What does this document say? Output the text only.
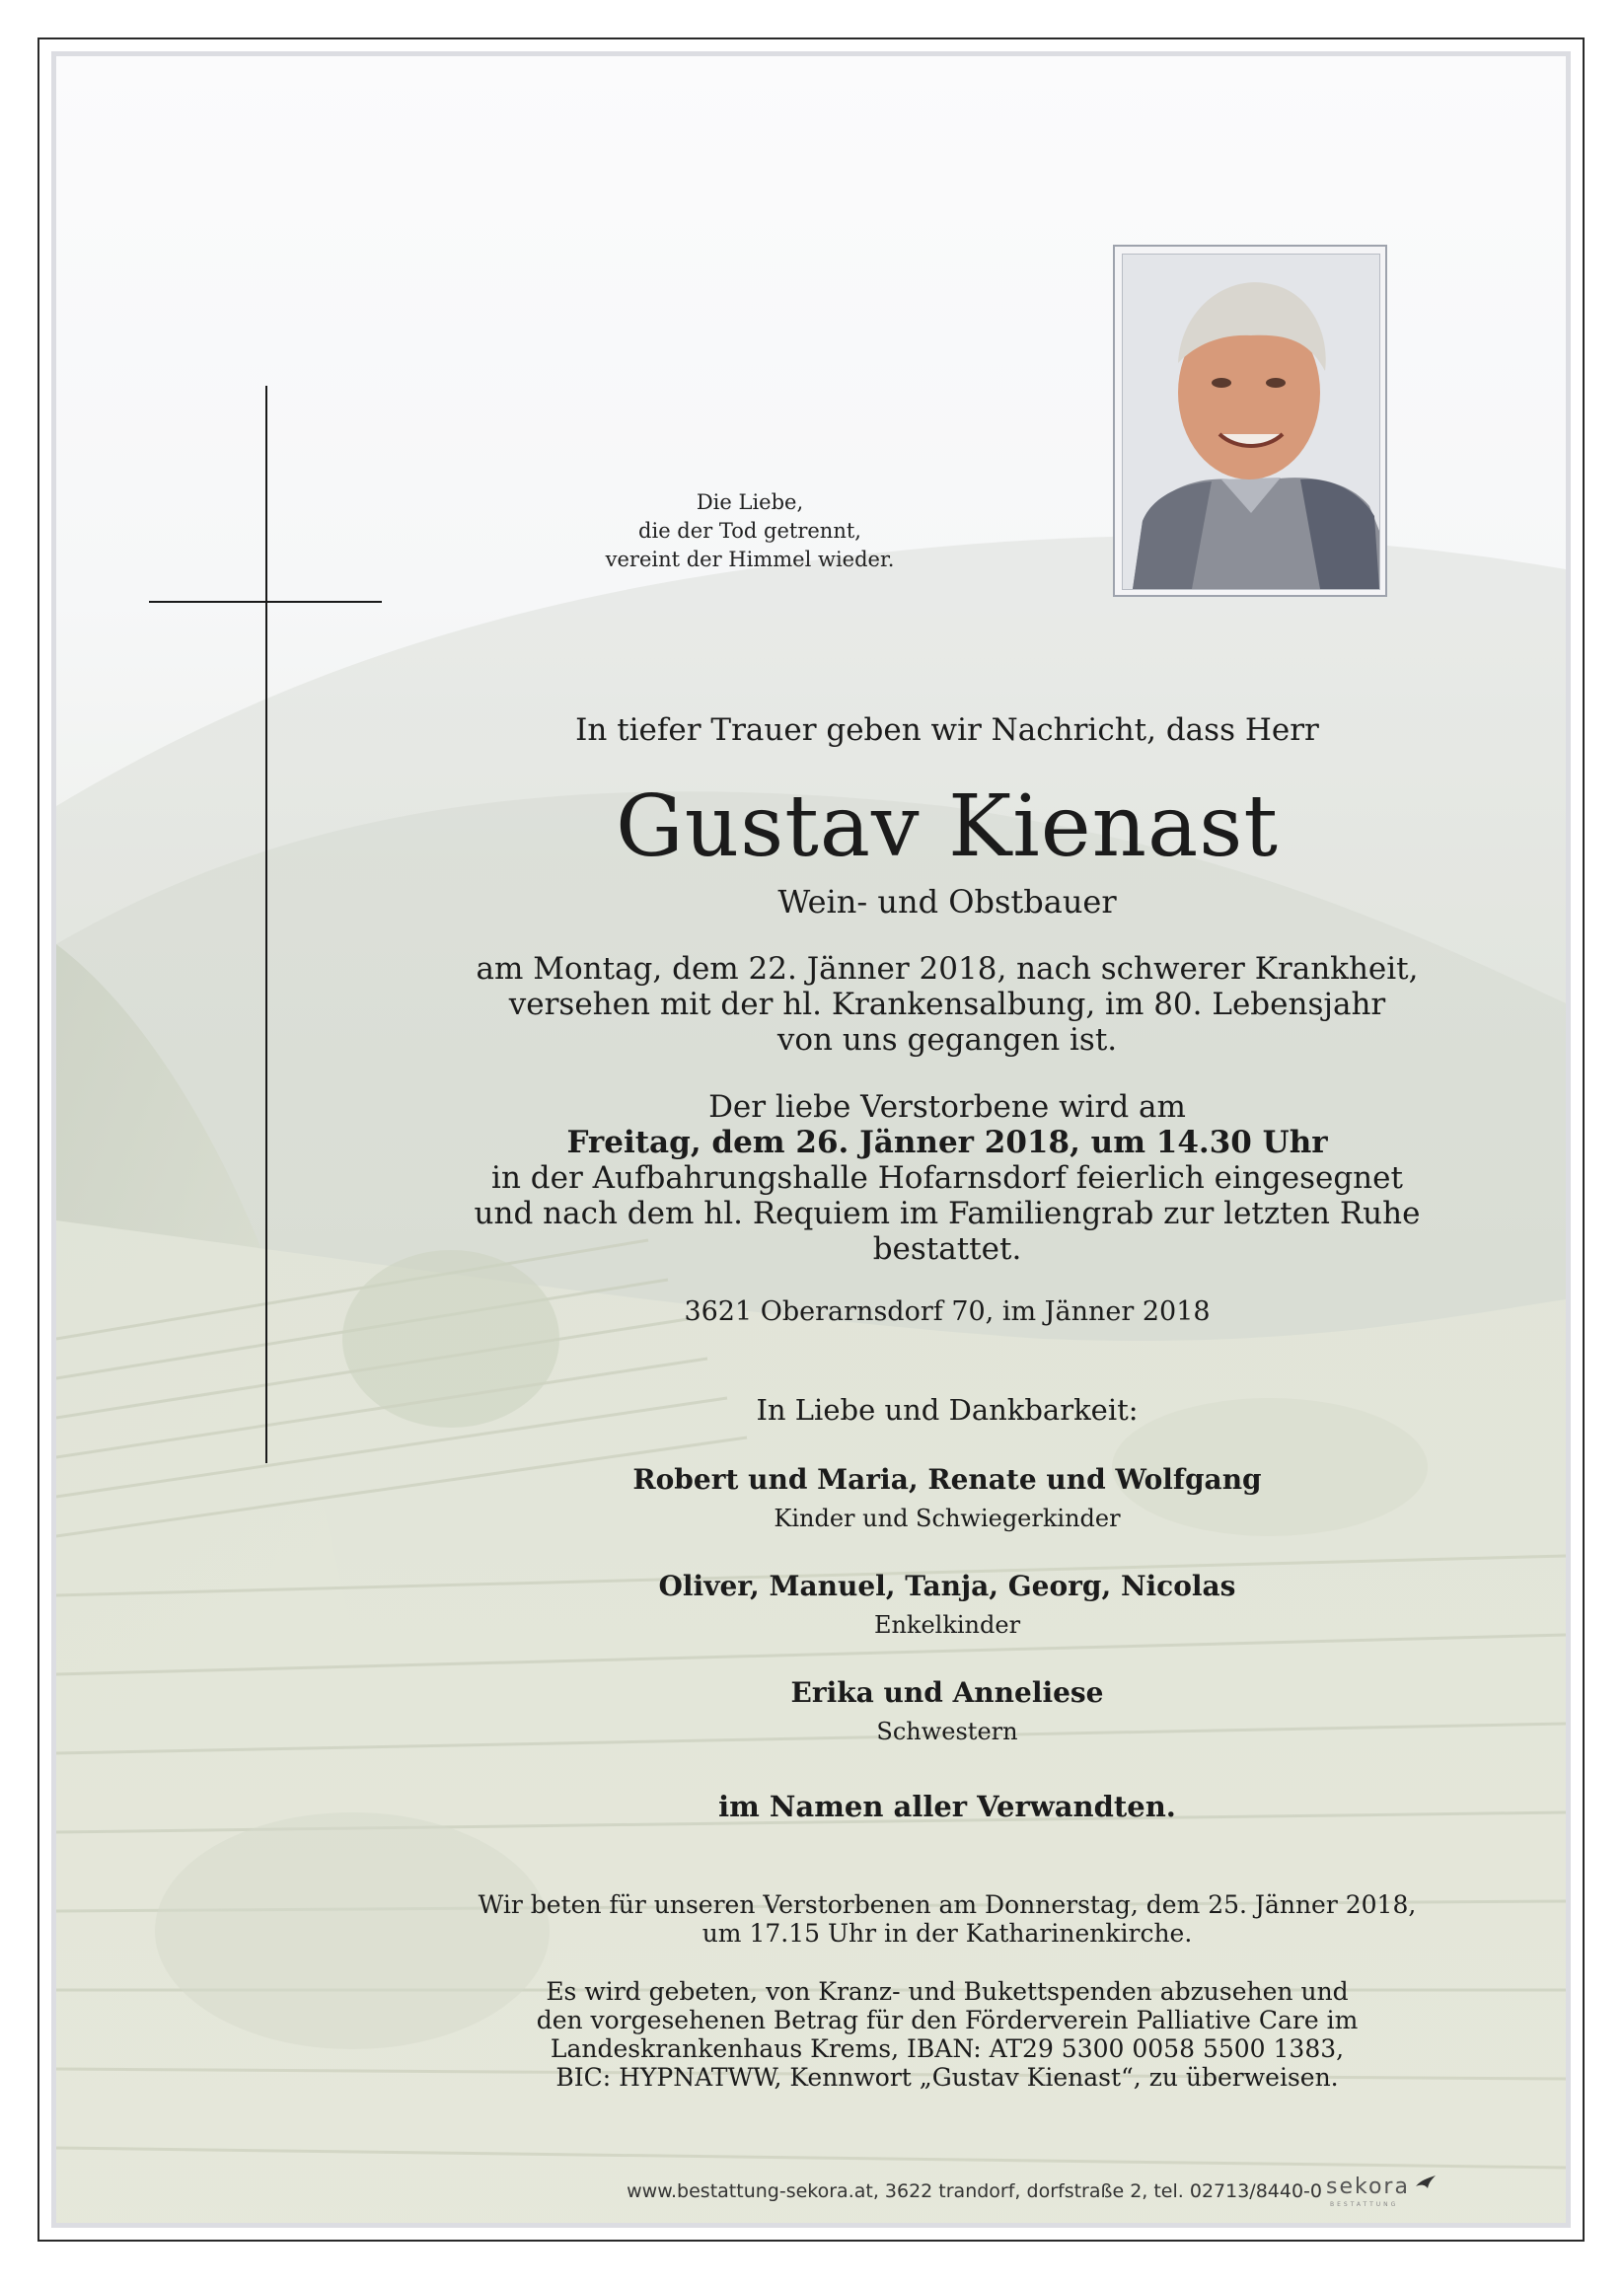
Die Liebe,
die der Tod getrennt,
vereint der Himmel wieder.
In tiefer Trauer geben wir Nachricht, dass Herr
Gustav Kienast
Wein- und Obstbauer
am Montag, dem 22. Jänner 2018, nach schwerer Krankheit,
versehen mit der hl. Krankensalbung, im 80. Lebensjahr
von uns gegangen ist.
Der liebe Verstorbene wird am
Freitag, dem 26. Jänner 2018, um 14.30 Uhr
in der Aufbahrungshalle Hofarnsdorf feierlich eingesegnet
und nach dem hl. Requiem im Familiengrab zur letzten Ruhe
bestattet.
3621 Oberarnsdorf 70, im Jänner 2018
In Liebe und Dankbarkeit:
Robert und Maria, Renate und Wolfgang
Kinder und Schwiegerkinder
Oliver, Manuel, Tanja, Georg, Nicolas
Enkelkinder
Erika und Anneliese
Schwestern
im Namen aller Verwandten.
Wir beten für unseren Verstorbenen am Donnerstag, dem 25. Jänner 2018,
um 17.15 Uhr in der Katharinenkirche.
Es wird gebeten, von Kranz- und Bukettspenden abzusehen und
den vorgesehenen Betrag für den Förderverein Palliative Care im
Landeskrankenhaus Krems, IBAN: AT29 5300 0058 5500 1383,
BIC: HYPNATWW, Kennwort „Gustav Kienast“, zu überweisen.
www.bestattung-sekora.at, 3622 trandorf, dorfstraße 2, tel. 02713/8440-0 sekora
BESTATTUNG
